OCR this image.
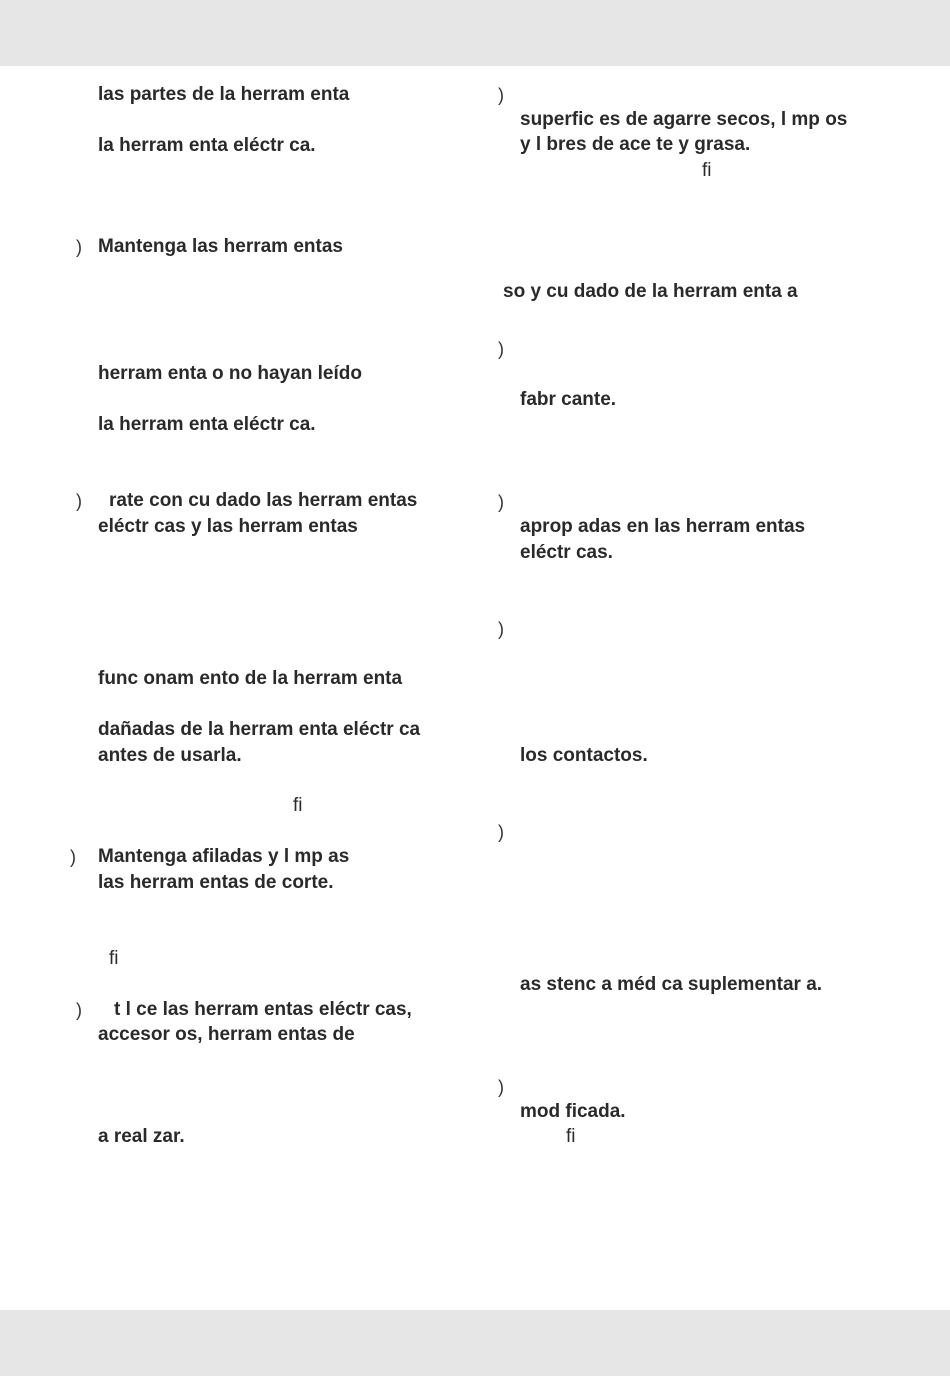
las partes de la herram enta
la herram enta eléctr ca.
) Mantenga las herram entas
herram enta o no hayan leído
la herram enta eléctr ca.
) rate con cu dado las herram entas
eléctr cas y las herram entas
func onam ento de la herram enta
dañadas de la herram enta eléctr ca
antes de usarla.
fi
) Mantenga afiladas y l mp as
las herram entas de corte.
fi
) t l ce las herram entas eléctr cas,
accesor os, herram entas de
a real zar.
)
superfic es de agarre secos, l mp os
y l bres de ace te y grasa.
fi
so y cu dado de la herram enta a
)
fabr cante.
)
aprop adas en las herram entas
eléctr cas.
)
los contactos.
)
as stenc a méd ca suplementar a.
)
mod ficada.
fi
